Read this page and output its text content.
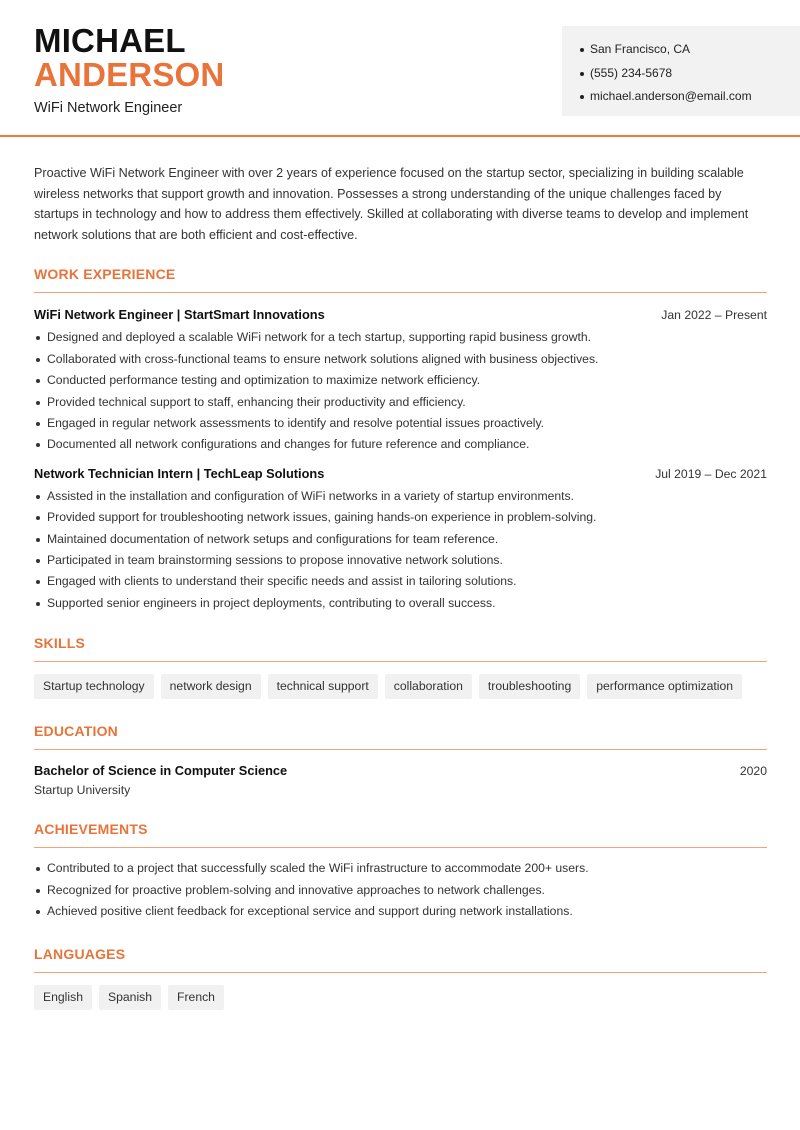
MICHAEL
ANDERSON
WiFi Network Engineer
San Francisco, CA
(555) 234-5678
michael.anderson@email.com

Proactive WiFi Network Engineer with over 2 years of experience focused on the startup sector, specializing in building scalable wireless networks that support growth and innovation. Possesses a strong understanding of the unique challenges faced by startups in technology and how to address them effectively. Skilled at collaborating with diverse teams to develop and implement network solutions that are both efficient and cost-effective.

WORK EXPERIENCE
WiFi Network Engineer | StartSmart Innovations	Jan 2022 – Present
Designed and deployed a scalable WiFi network for a tech startup, supporting rapid business growth.
Collaborated with cross-functional teams to ensure network solutions aligned with business objectives.
Conducted performance testing and optimization to maximize network efficiency.
Provided technical support to staff, enhancing their productivity and efficiency.
Engaged in regular network assessments to identify and resolve potential issues proactively.
Documented all network configurations and changes for future reference and compliance.
Network Technician Intern | TechLeap Solutions	Jul 2019 – Dec 2021
Assisted in the installation and configuration of WiFi networks in a variety of startup environments.
Provided support for troubleshooting network issues, gaining hands-on experience in problem-solving.
Maintained documentation of network setups and configurations for team reference.
Participated in team brainstorming sessions to propose innovative network solutions.
Engaged with clients to understand their specific needs and assist in tailoring solutions.
Supported senior engineers in project deployments, contributing to overall success.
SKILLS
Startup technology	network design	technical support	collaboration	troubleshooting	performance optimization
EDUCATION
Bachelor of Science in Computer Science	2020
Startup University
ACHIEVEMENTS
Contributed to a project that successfully scaled the WiFi infrastructure to accommodate 200+ users.
Recognized for proactive problem-solving and innovative approaches to network challenges.
Achieved positive client feedback for exceptional service and support during network installations.
LANGUAGES
English	Spanish	French
